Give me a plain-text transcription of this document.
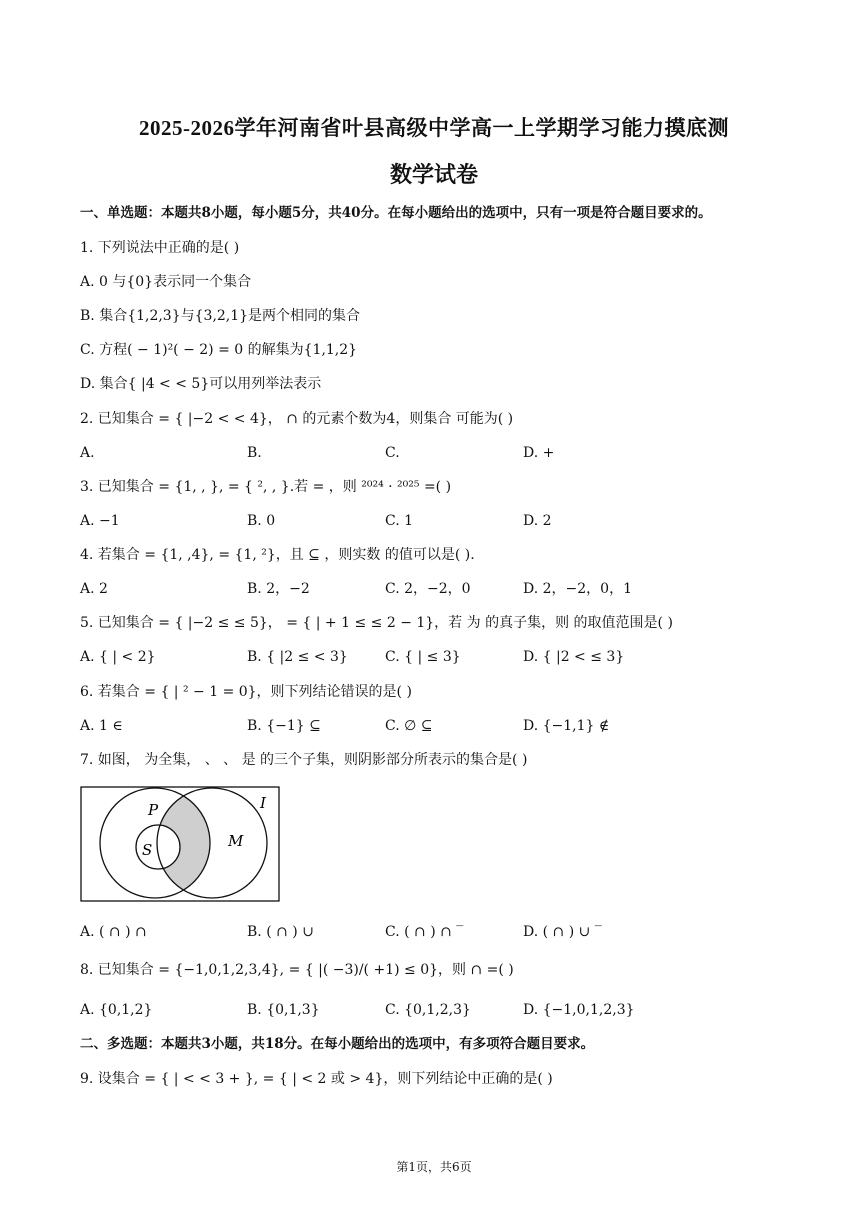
2025-2026学年河南省叶县高级中学高一上学期学习能力摸底测
数学试卷
一、单选题：本题共8小题，每小题5分，共40分。在每小题给出的选项中，只有一项是符合题目要求的。
1. 下列说法中正确的是( )
A. 0 与{0}表示同一个集合
B. 集合{1,2,3}与{3,2,1}是两个相同的集合
C. 方程( − 1)²( − 2) = 0 的解集为{1,1,2}
D. 集合{ |4 < < 5}可以用列举法表示
2. 已知集合 = { |−2 < < 4}， ∩ 的元素个数为4，则集合 可能为( )
A.	B.	C.	D. +
3. 已知集合 = {1, , }, = { ², , }.若 = ，则 ²⁰²⁴ · ²⁰²⁵ =( )
A. −1	B. 0	C. 1	D. 2
4. 若集合 = {1, ,4}, = {1, ²}，且 ⊆ ，则实数 的值可以是( ).
A. 2	B. 2，−2	C. 2，−2，0	D. 2，−2，0，1
5. 已知集合 = { |−2 ≤ ≤ 5}， = { | + 1 ≤ ≤ 2 − 1}，若 为 的真子集，则 的取值范围是( )
A. { | < 2}	B. { |2 ≤ < 3}	C. { | ≤ 3}	D. { |2 < ≤ 3}
6. 若集合 = { | ² − 1 = 0}，则下列结论错误的是( )
A. 1 ∈	B. {−1} ⊆	C. ∅ ⊆	D. {−1,1} ∉
7. 如图， 为全集， 、 、 是 的三个子集，则阴影部分所表示的集合是( )
P	I
S	M
A. ( ∩ ) ∩	B. ( ∩ ) ∪	C. ( ∩ ) ∩ ‾	D. ( ∩ ) ∪ ‾
8. 已知集合 = {−1,0,1,2,3,4}, = { |( −3)/( +1) ≤ 0}，则 ∩ =( )
A. {0,1,2}	B. {0,1,3}	C. {0,1,2,3}	D. {−1,0,1,2,3}
二、多选题：本题共3小题，共18分。在每小题给出的选项中，有多项符合题目要求。
9. 设集合 = { | < < 3 + }, = { | < 2 或 > 4}，则下列结论中正确的是( )
第1页，共6页
